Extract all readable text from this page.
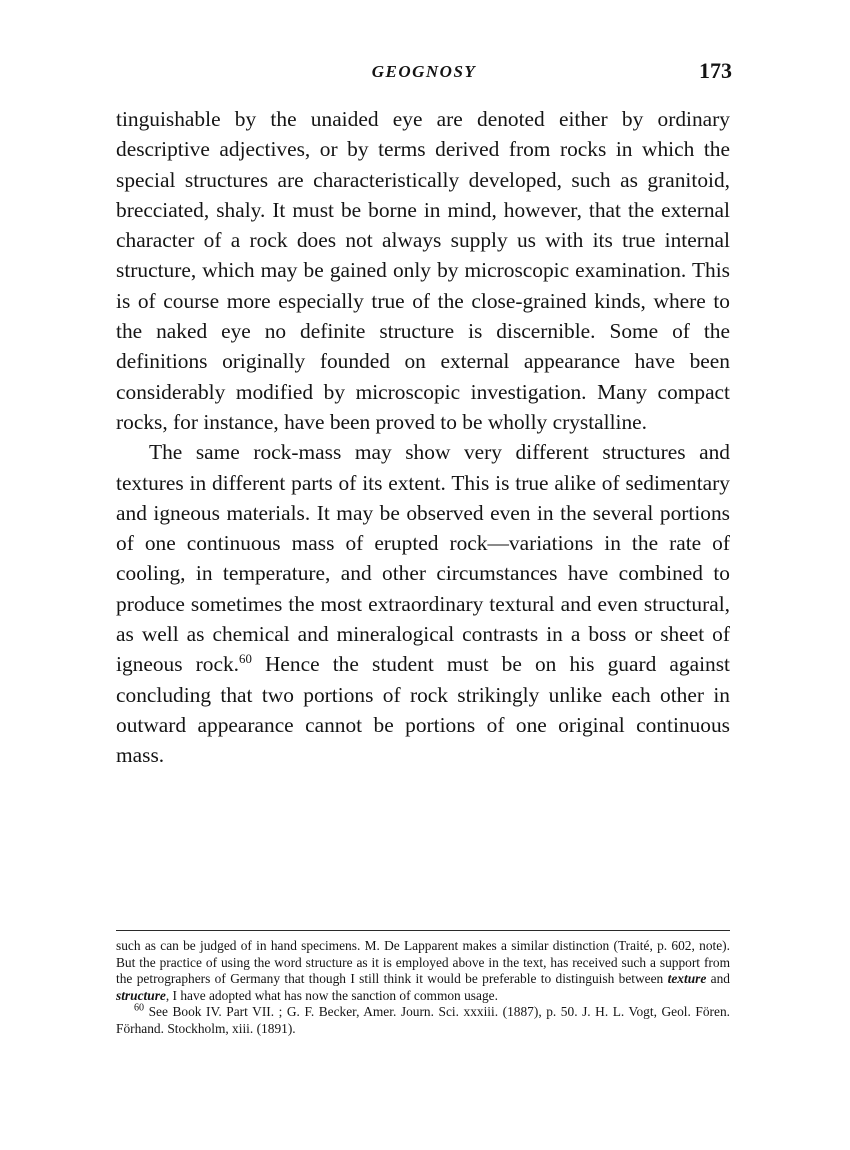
GEOGNOSY	173

tinguishable by the unaided eye are denoted either by ordinary descriptive adjectives, or by terms derived from rocks in which the special structures are characteristically developed, such as granitoid, brecciated, shaly. It must be borne in mind, however, that the external character of a rock does not always supply us with its true internal structure, which may be gained only by microscopic examination. This is of course more especially true of the close-grained kinds, where to the naked eye no definite structure is discernible. Some of the definitions originally founded on external appearance have been considerably modified by microscopic investigation. Many compact rocks, for instance, have been proved to be wholly crystalline.

The same rock-mass may show very different structures and textures in different parts of its extent. This is true alike of sedimentary and igneous materials. It may be observed even in the several portions of one continuous mass of erupted rock—variations in the rate of cooling, in temperature, and other circumstances have combined to produce sometimes the most extraordinary textural and even structural, as well as chemical and mineralogical contrasts in a boss or sheet of igneous rock.$^{60}$ Hence the student must be on his guard against concluding that two portions of rock strikingly unlike each other in outward appearance cannot be portions of one original continuous mass.

such as can be judged of in hand specimens. M. De Lapparent makes a similar distinction (Traité, p. 602, note). But the practice of using the word structure as it is employed above in the text, has received such a support from the petrographers of Germany that though I still think it would be preferable to distinguish between texture and structure, I have adopted what has now the sanction of common usage.

$^{60}$ See Book IV. Part VII. ; G. F. Becker, Amer. Journ. Sci. xxxiii. (1887), p. 50. J. H. L. Vogt, Geol. Fören. Förhand. Stockholm, xiii. (1891).
